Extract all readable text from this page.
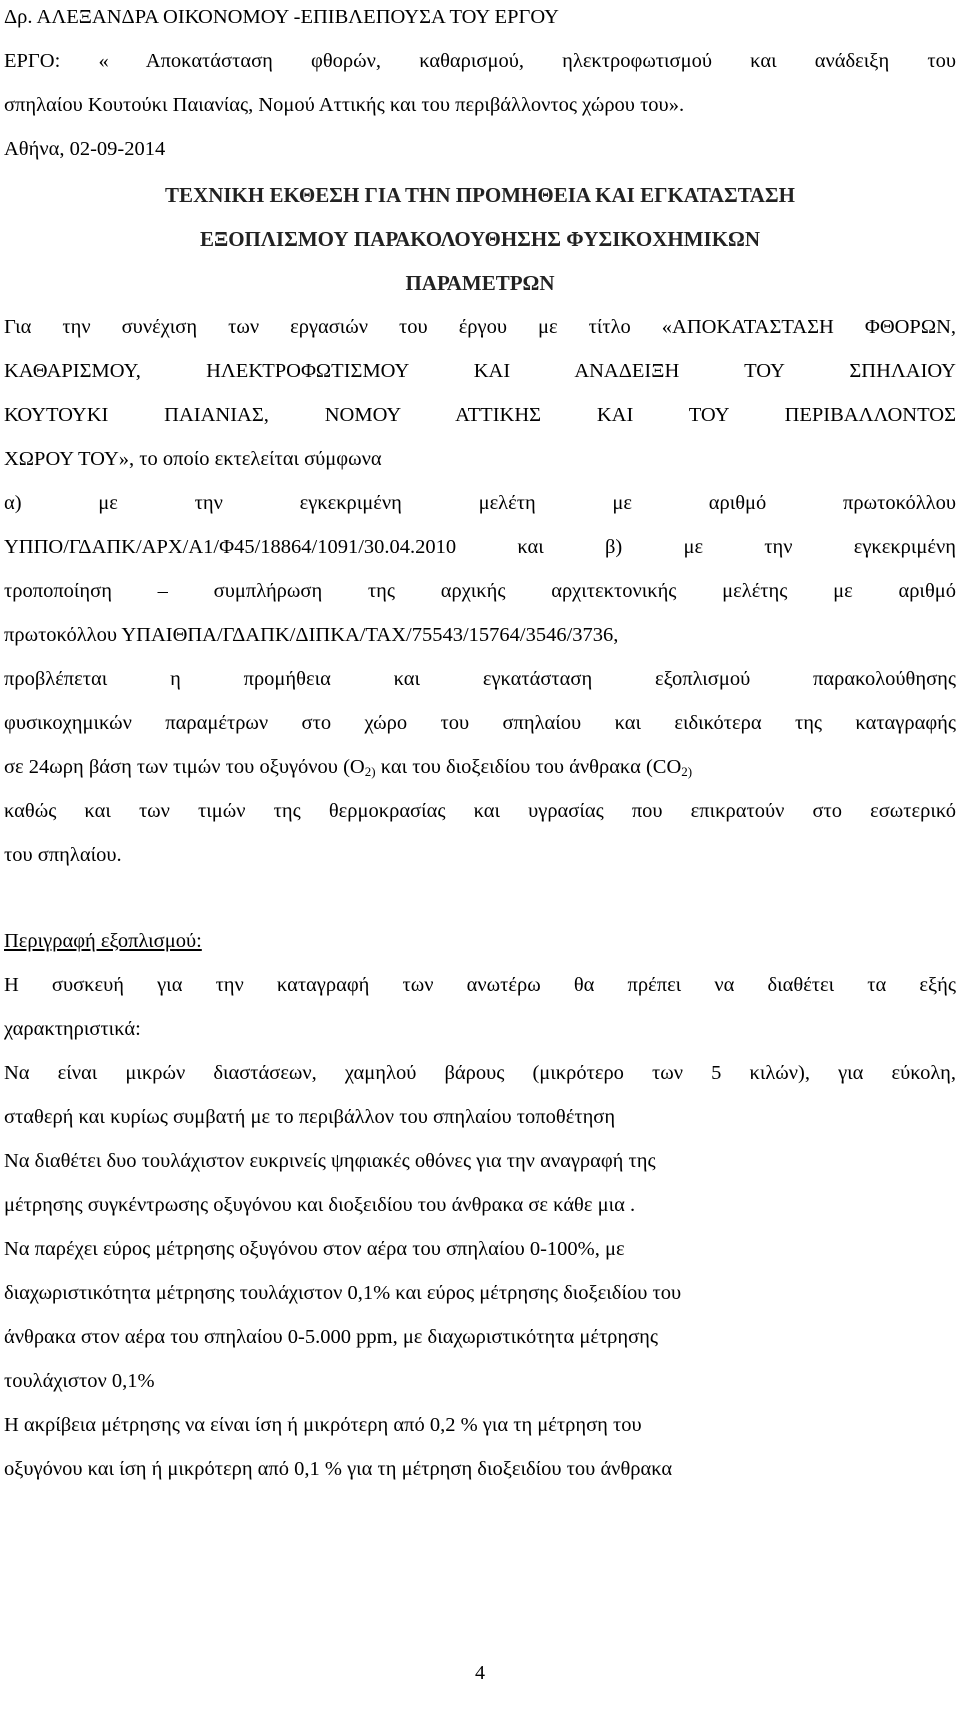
Δρ. ΑΛΕΞΑΝΔΡΑ ΟΙΚΟΝΟΜΟΥ -ΕΠΙΒΛΕΠΟΥΣΑ ΤΟΥ ΕΡΓΟΥ
ΕΡΓΟ: « Αποκατάσταση φθορών, καθαρισμού, ηλεκτροφωτισμού και ανάδειξη του
σπηλαίου Κουτούκι Παιανίας, Νομού Αττικής και του περιβάλλοντος χώρου του».
Αθήνα, 02-09-2014
ΤΕΧΝΙΚΗ ΕΚΘΕΣΗ ΓΙΑ ΤΗΝ ΠΡΟΜΗΘΕΙΑ ΚΑΙ ΕΓΚΑΤΑΣΤΑΣΗ
ΕΞΟΠΛΙΣΜΟΥ ΠΑΡΑΚΟΛΟΥΘΗΣΗΣ ΦΥΣΙΚΟΧΗΜΙΚΩΝ
ΠΑΡΑΜΕΤΡΩΝ
Για την συνέχιση των εργασιών του έργου με τίτλο «ΑΠΟΚΑΤΑΣΤΑΣΗ ΦΘΟΡΩΝ,
ΚΑΘΑΡΙΣΜΟΥ, ΗΛΕΚΤΡΟΦΩΤΙΣΜΟΥ ΚΑΙ ΑΝΑΔΕΙΞΗ ΤΟΥ ΣΠΗΛΑΙΟΥ
ΚΟΥΤΟΥΚΙ ΠΑΙΑΝΙΑΣ, ΝΟΜΟΥ ΑΤΤΙΚΗΣ ΚΑΙ ΤΟΥ ΠΕΡΙΒΑΛΛΟΝΤΟΣ
ΧΩΡΟΥ ΤΟΥ», το οποίο εκτελείται σύμφωνα
α) με την εγκεκριμένη μελέτη με αριθμό πρωτοκόλλου
ΥΠΠΟ/ΓΔΑΠΚ/ΑΡΧ/Α1/Φ45/18864/1091/30.04.2010 και β) με την εγκεκριμένη
τροποποίηση – συμπλήρωση της αρχικής αρχιτεκτονικής μελέτης με αριθμό
πρωτοκόλλου ΥΠΑΙΘΠΑ/ΓΔΑΠΚ/ΔΙΠΚΑ/ΤΑΧ/75543/15764/3546/3736,
προβλέπεται η προμήθεια και εγκατάσταση εξοπλισμού παρακολούθησης
φυσικοχημικών παραμέτρων στο χώρο του σπηλαίου και ειδικότερα της καταγραφής
σε 24ωρη βάση των τιμών του οξυγόνου ($O_{2)}$ και του διοξειδίου του άνθρακα ($CO_{2)}$
καθώς και των τιμών της θερμοκρασίας και υγρασίας που επικρατούν στο εσωτερικό
του σπηλαίου.
Περιγραφή εξοπλισμού:
Η συσκευή για την καταγραφή των ανωτέρω θα πρέπει να διαθέτει τα εξής
χαρακτηριστικά:
Να είναι μικρών διαστάσεων, χαμηλού βάρους (μικρότερο των 5 κιλών), για εύκολη,
σταθερή και κυρίως συμβατή με το περιβάλλον του σπηλαίου τοποθέτηση
Να διαθέτει δυο τουλάχιστον ευκρινείς ψηφιακές οθόνες για την αναγραφή της
μέτρησης συγκέντρωσης οξυγόνου και διοξειδίου του άνθρακα σε κάθε μια .
Να παρέχει εύρος μέτρησης οξυγόνου στον αέρα του σπηλαίου 0-100%, με
διαχωριστικότητα μέτρησης τουλάχιστον 0,1% και εύρος μέτρησης διοξειδίου του
άνθρακα στον αέρα του σπηλαίου 0-5.000 ppm, με διαχωριστικότητα μέτρησης
τουλάχιστον 0,1%
Η ακρίβεια μέτρησης να είναι ίση ή μικρότερη από 0,2 % για τη μέτρηση του
οξυγόνου και ίση ή μικρότερη από 0,1 % για τη μέτρηση διοξειδίου του άνθρακα
4
